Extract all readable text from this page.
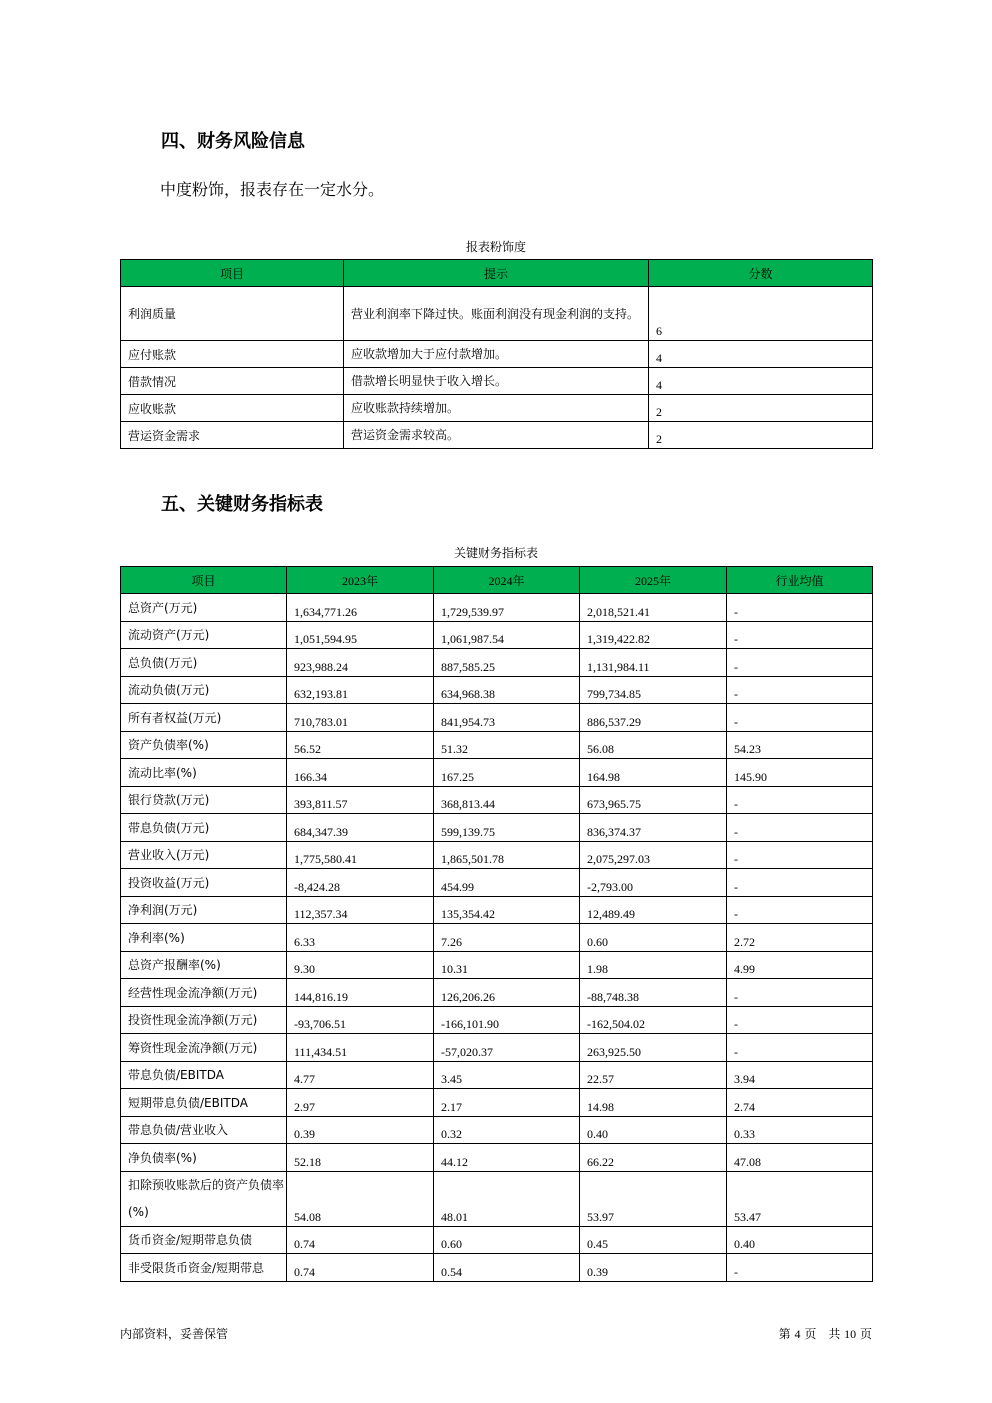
四、财务风险信息
中度粉饰，报表存在一定水分。
报表粉饰度
项目	提示	分数
利润质量	营业利润率下降过快。账面利润没有现金利润的支持。	6
应付账款	应收款增加大于应付款增加。	4
借款情况	借款增长明显快于收入增长。	4
应收账款	应收账款持续增加。	2
营运资金需求	营运资金需求较高。	2
五、关键财务指标表
关键财务指标表
项目	2023年	2024年	2025年	行业均值
总资产(万元)	1,634,771.26	1,729,539.97	2,018,521.41	-
流动资产(万元)	1,051,594.95	1,061,987.54	1,319,422.82	-
总负债(万元)	923,988.24	887,585.25	1,131,984.11	-
流动负债(万元)	632,193.81	634,968.38	799,734.85	-
所有者权益(万元)	710,783.01	841,954.73	886,537.29	-
资产负债率(%)	56.52	51.32	56.08	54.23
流动比率(%)	166.34	167.25	164.98	145.90
银行贷款(万元)	393,811.57	368,813.44	673,965.75	-
带息负债(万元)	684,347.39	599,139.75	836,374.37	-
营业收入(万元)	1,775,580.41	1,865,501.78	2,075,297.03	-
投资收益(万元)	-8,424.28	454.99	-2,793.00	-
净利润(万元)	112,357.34	135,354.42	12,489.49	-
净利率(%)	6.33	7.26	0.60	2.72
总资产报酬率(%)	9.30	10.31	1.98	4.99
经营性现金流净额(万元)	144,816.19	126,206.26	-88,748.38	-
投资性现金流净额(万元)	-93,706.51	-166,101.90	-162,504.02	-
筹资性现金流净额(万元)	111,434.51	-57,020.37	263,925.50	-
带息负债/EBITDA	4.77	3.45	22.57	3.94
短期带息负债/EBITDA	2.97	2.17	14.98	2.74
带息负债/营业收入	0.39	0.32	0.40	0.33
净负债率(%)	52.18	44.12	66.22	47.08
扣除预收账款后的资产负债率(%)	54.08	48.01	53.97	53.47
货币资金/短期带息负债	0.74	0.60	0.45	0.40
非受限货币资金/短期带息	0.74	0.54	0.39	-
内部资料，妥善保管	第 4 页　共 10 页
